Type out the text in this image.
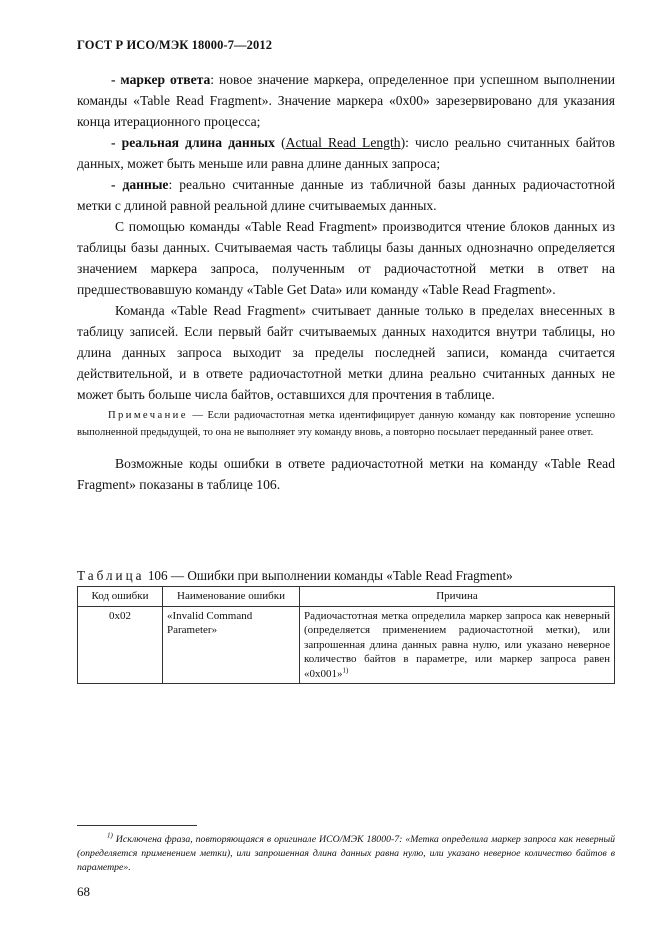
ГОСТ Р ИСО/МЭК 18000-7—2012

- маркер ответа: новое значение маркера, определенное при успешном выполнении команды «Table Read Fragment». Значение маркера «0x00» зарезервировано для указания конца итерационного процесса;

- реальная длина данных (Actual Read Length): число реально считанных байтов данных, может быть меньше или равна длине данных запроса;

- данные: реально считанные данные из табличной базы данных радиочастотной метки с длиной равной реальной длине считываемых данных.

С помощью команды «Table Read Fragment» производится чтение блоков данных из таблицы базы данных. Считываемая часть таблицы базы данных однозначно определяется значением маркера запроса, полученным от радиочастотной метки в ответ на предшествовавшую команду «Table Get Data» или команду «Table Read Fragment».

Команда «Table Read Fragment» считывает данные только в пределах внесенных в таблицу записей. Если первый байт считываемых данных находится внутри таблицы, но длина данных запроса выходит за пределы последней записи, команда считается действительной, и в ответе радиочастотной метки длина реально считанных данных не может быть больше числа байтов, оставшихся для прочтения в таблице.

Примечание — Если радиочастотная метка идентифицирует данную команду как повторение успешно выполненной предыдущей, то она не выполняет эту команду вновь, а повторно посылает переданный ранее ответ.

Возможные коды ошибки в ответе радиочастотной метки на команду «Table Read Fragment» показаны в таблице 106.

Таблица 106 — Ошибки при выполнении команды «Table Read Fragment»
Код ошибки	Наименование ошибки	Причина
0x02	«Invalid Command Parameter»	Радиочастотная метка определила маркер запроса как неверный (определяется применением радиочастотной метки), или запрошенная длина данных равна нулю, или указано неверное количество байтов в параметре, или маркер запроса равен «0x001»$^{1)}$
$^{1)}$ Исключена фраза, повторяющаяся в оригинале ИСО/МЭК 18000-7: «Метка определила маркер запроса как неверный (определяется применением метки), или запрошенная длина данных равна нулю, или указано неверное количество байтов в параметре».
68
